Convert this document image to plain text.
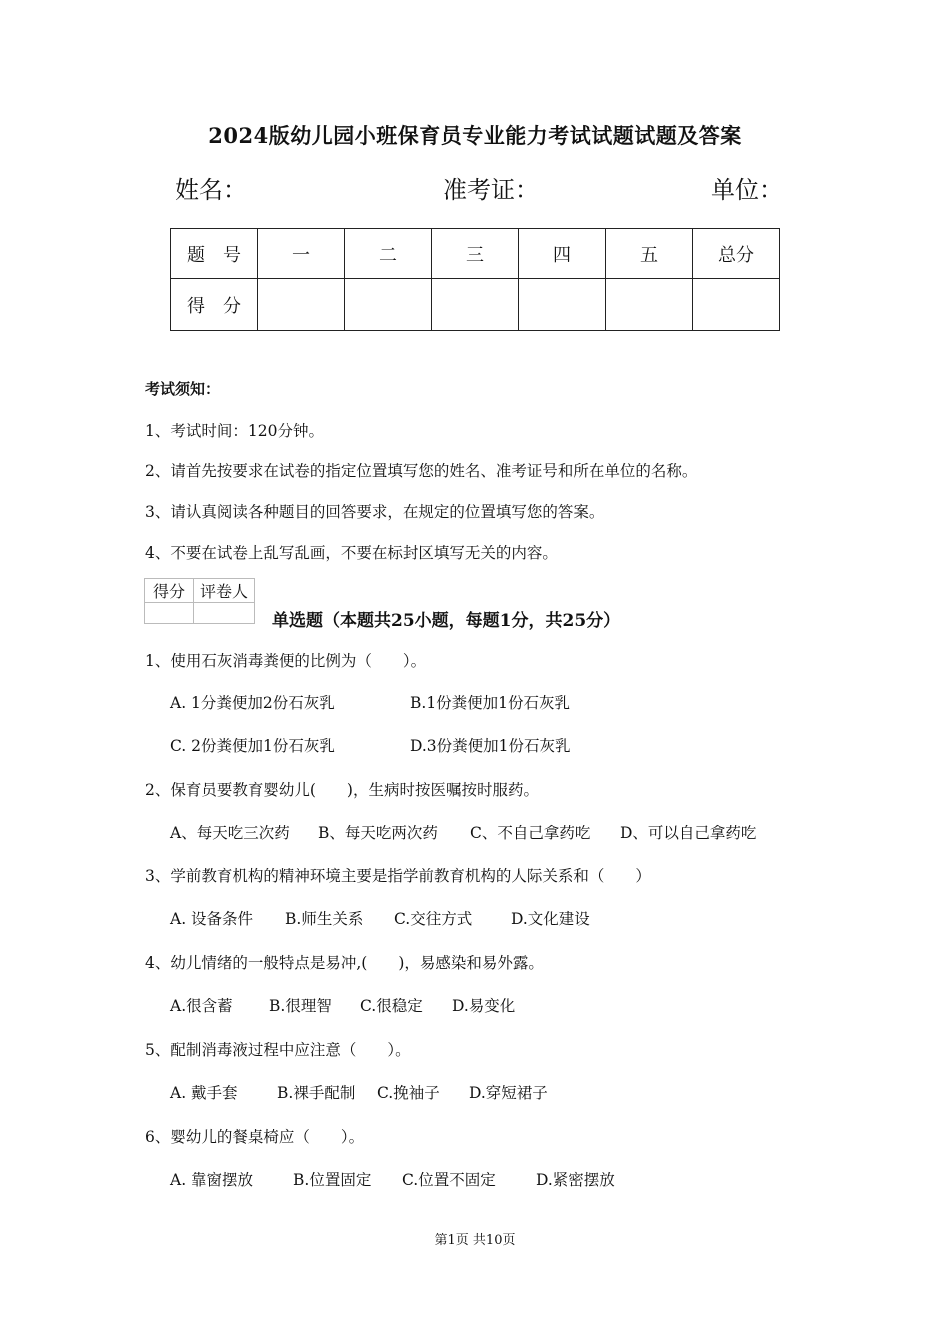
2024版幼儿园小班保育员专业能力考试试题试题及答案
姓名：	准考证：	单位：
题　号	一	二	三	四	五	总分
得　分						
考试须知：
1、考试时间：120分钟。
2、请首先按要求在试卷的指定位置填写您的姓名、准考证号和所在单位的名称。
3、请认真阅读各种题目的回答要求，在规定的位置填写您的答案。
4、不要在试卷上乱写乱画，不要在标封区填写无关的内容。
得分	评卷人

单选题（本题共25小题，每题1分，共25分）
1、使用石灰消毒粪便的比例为（　　）。
A. 1分粪便加2份石灰乳	B.1份粪便加1份石灰乳
C. 2份粪便加1份石灰乳	D.3份粪便加1份石灰乳
2、保育员要教育婴幼儿(　　)，生病时按医嘱按时服药。
A、每天吃三次药 B、每天吃两次药 C、不自己拿药吃 D、可以自己拿药吃
3、学前教育机构的精神环境主要是指学前教育机构的人际关系和（　　）
A. 设备条件 B.师生关系 C.交往方式	D.文化建设
4、幼儿情绪的一般特点是易冲,(　　)，易感染和易外露。
A.很含蓄 B.很理智 C.很稳定 D.易变化
5、配制消毒液过程中应注意（　　）。
A. 戴手套	B.裸手配制 C.挽袖子 D.穿短裙子
6、婴幼儿的餐桌椅应（　　）。
A. 靠窗摆放	B.位置固定 C.位置不固定	D.紧密摆放
第1页 共10页
